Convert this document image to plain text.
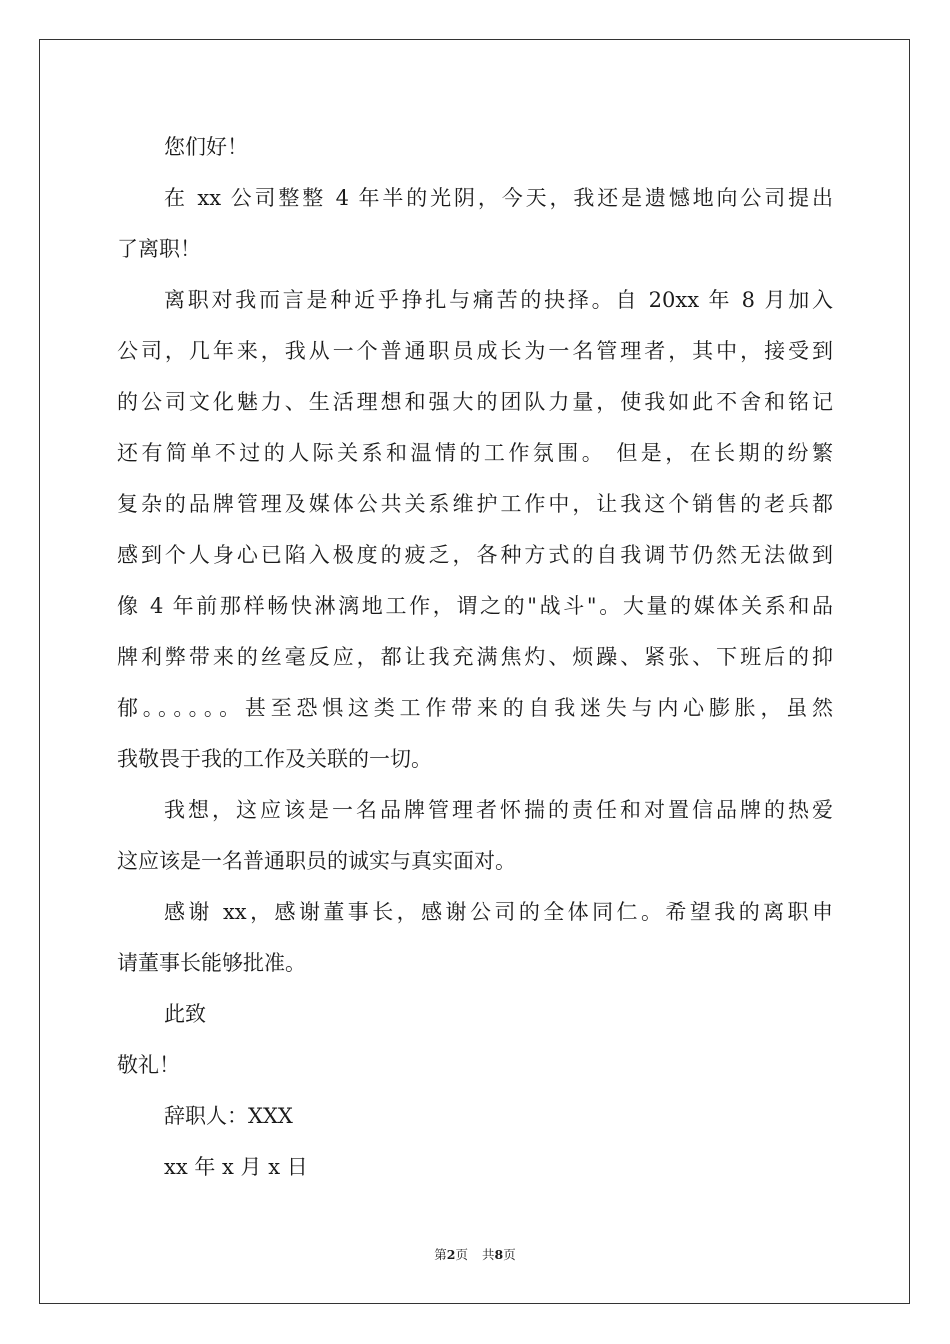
您们好！
在 xx 公司整整 4 年半的光阴，今天，我还是遗憾地向公司提出
了离职！
离职对我而言是种近乎挣扎与痛苦的抉择。自 20xx 年 8 月加入
公司，几年来，我从一个普通职员成长为一名管理者，其中，接受到
的公司文化魅力、生活理想和强大的团队力量，使我如此不舍和铭记
还有简单不过的人际关系和温情的工作氛围。 但是，在长期的纷繁
复杂的品牌管理及媒体公共关系维护工作中，让我这个销售的老兵都
感到个人身心已陷入极度的疲乏，各种方式的自我调节仍然无法做到
像 4 年前那样畅快淋漓地工作，谓之的"战斗"。大量的媒体关系和品
牌利弊带来的丝毫反应，都让我充满焦灼、烦躁、紧张、下班后的抑
郁。。。。。。甚至恐惧这类工作带来的自我迷失与内心膨胀，虽然
我敬畏于我的工作及关联的一切。
我想，这应该是一名品牌管理者怀揣的责任和对置信品牌的热爱
这应该是一名普通职员的诚实与真实面对。
感谢 xx，感谢董事长，感谢公司的全体同仁。希望我的离职申
请董事长能够批准。
此致
敬礼！
辞职人：XXX
xx 年 x 月 x 日
第2页 共8页
